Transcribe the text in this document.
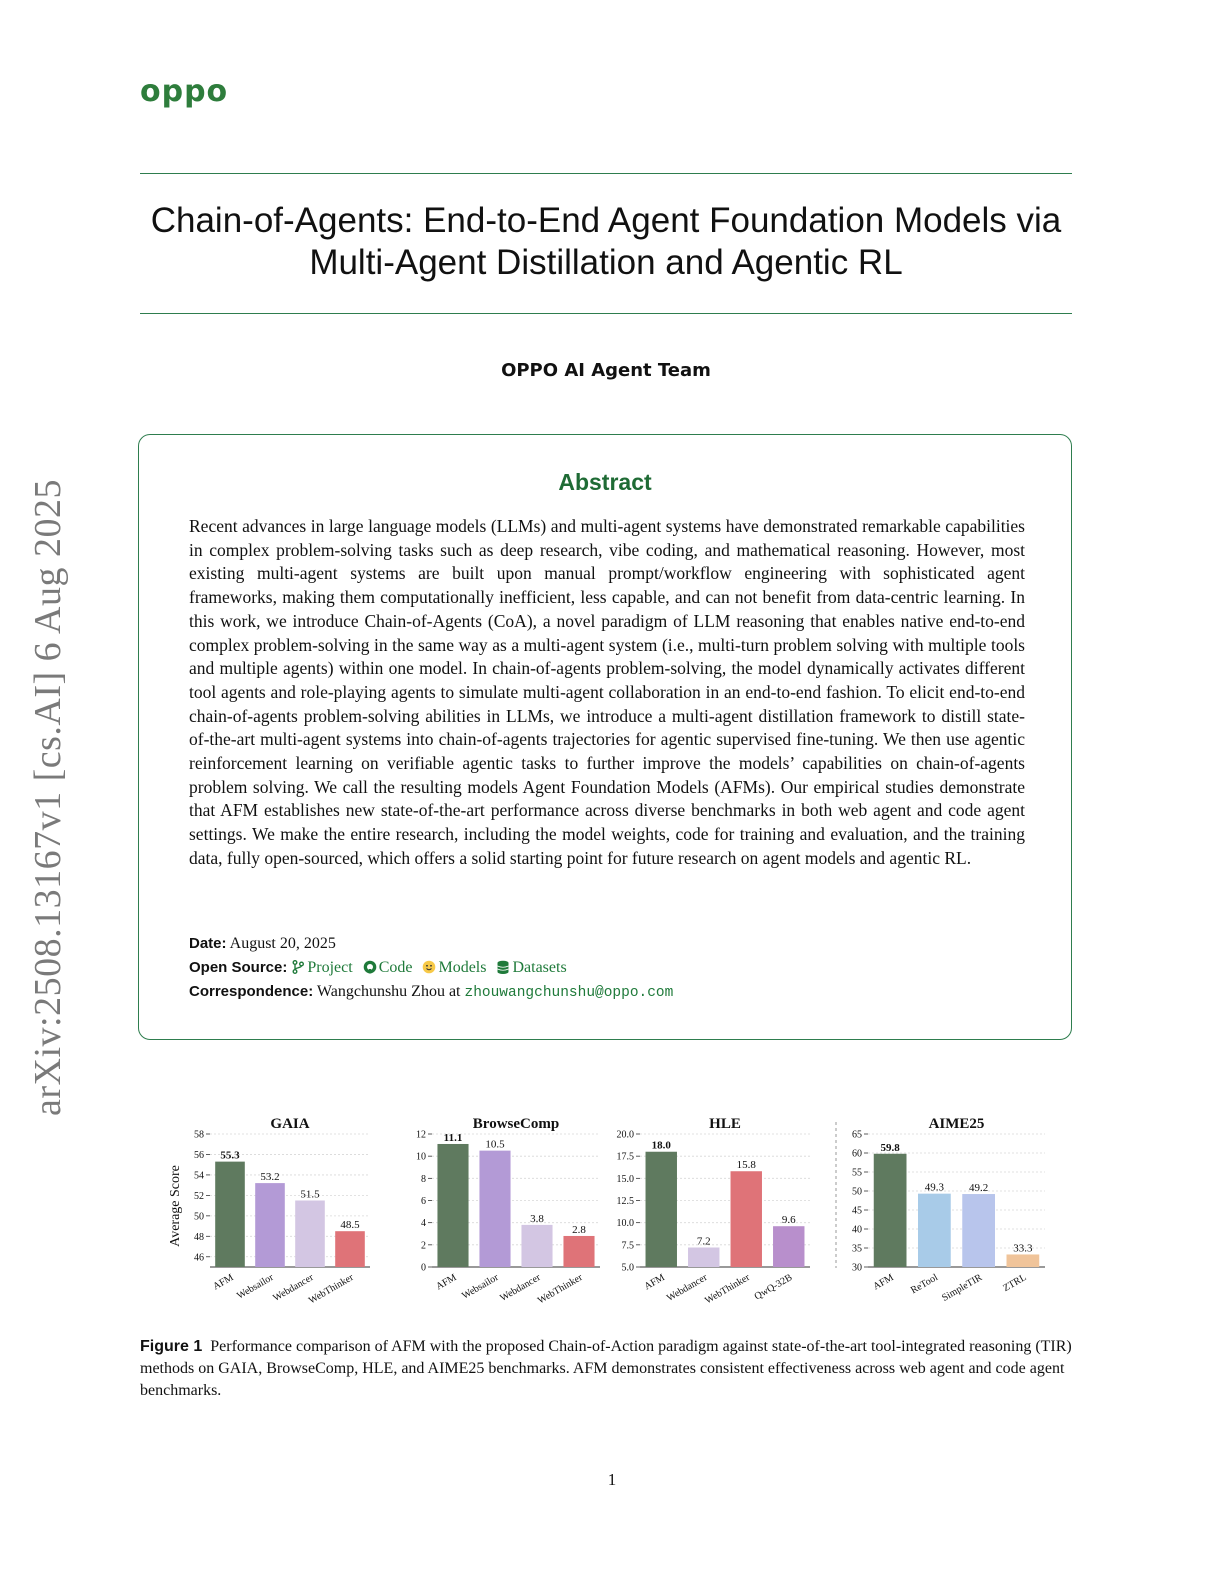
oppo
Chain-of-Agents: End-to-End Agent Foundation Models via
Multi-Agent Distillation and Agentic RL
OPPO AI Agent Team
arXiv:2508.13167v1 [cs.AI] 6 Aug 2025	Abstract

Recent advances in large language models (LLMs) and multi-agent systems have demonstrated remarkable capabilities in complex problem-solving tasks such as deep research, vibe coding, and mathematical reasoning. However, most existing multi-agent systems are built upon manual prompt/workflow engineering with sophisticated agent frameworks, making them computationally inefficient, less capable, and can not benefit from data-centric learning. In this work, we introduce Chain-of-Agents (CoA), a novel paradigm of LLM reasoning that enables native end-to-end complex problem-solving in the same way as a multi-agent system (i.e., multi-turn problem solving with multiple tools and multiple agents) within one model. In chain-of-agents problem-solving, the model dynamically activates different tool agents and role-playing agents to simulate multi-agent collaboration in an end-to-end fashion. To elicit end-to-end chain-of-agents problem-solving abilities in LLMs, we introduce a multi-agent distillation framework to distill state-of-the-art multi-agent systems into chain-of-agents trajectories for agentic supervised fine-tuning. We then use agentic reinforcement learning on verifiable agentic tasks to further improve the models’ capabilities on chain-of-agents problem solving. We call the resulting models Agent Foundation Models (AFMs). Our empirical studies demonstrate that AFM establishes new state-of-the-art performance across diverse benchmarks in both web agent and code agent settings. We make the entire research, including the model weights, code for training and evaluation, and the training data, fully open-sourced, which offers a solid starting point for future research on agent models and agentic RL.

Date: August 20, 2025
Open Source: Project Code Models Datasets
Correspondence: Wangchunshu Zhou at zhouwangchunshu@oppo.com
Average Score
GAIA
46
48
50
52
54
56
58
55.3
AFM
53.2
Websailor
51.5
Webdancer
48.5
WebThinker
BrowseComp
0
2
4
6
8
10
12 11.1
AFM
10.5
Websailor
3.8
Webdancer
2.8
WebThinker
HLE
5.0
7.5
10.0
12.5
15.0
17.5
20.0
18.0
AFM
7.2
Webdancer
15.8
WebThinker
9.6
QwQ-32B
AIME25
30
35
40
45
50
55
60
65
59.8
AFM
49.3
ReTool
49.2
SimpleTIR
33.3
ZTRL

Figure 1 Performance comparison of AFM with the proposed Chain-of-Action paradigm against state-of-the-art tool-integrated reasoning (TIR) methods on GAIA, BrowseComp, HLE, and AIME25 benchmarks. AFM demonstrates consistent effectiveness across web agent and code agent benchmarks.

1
